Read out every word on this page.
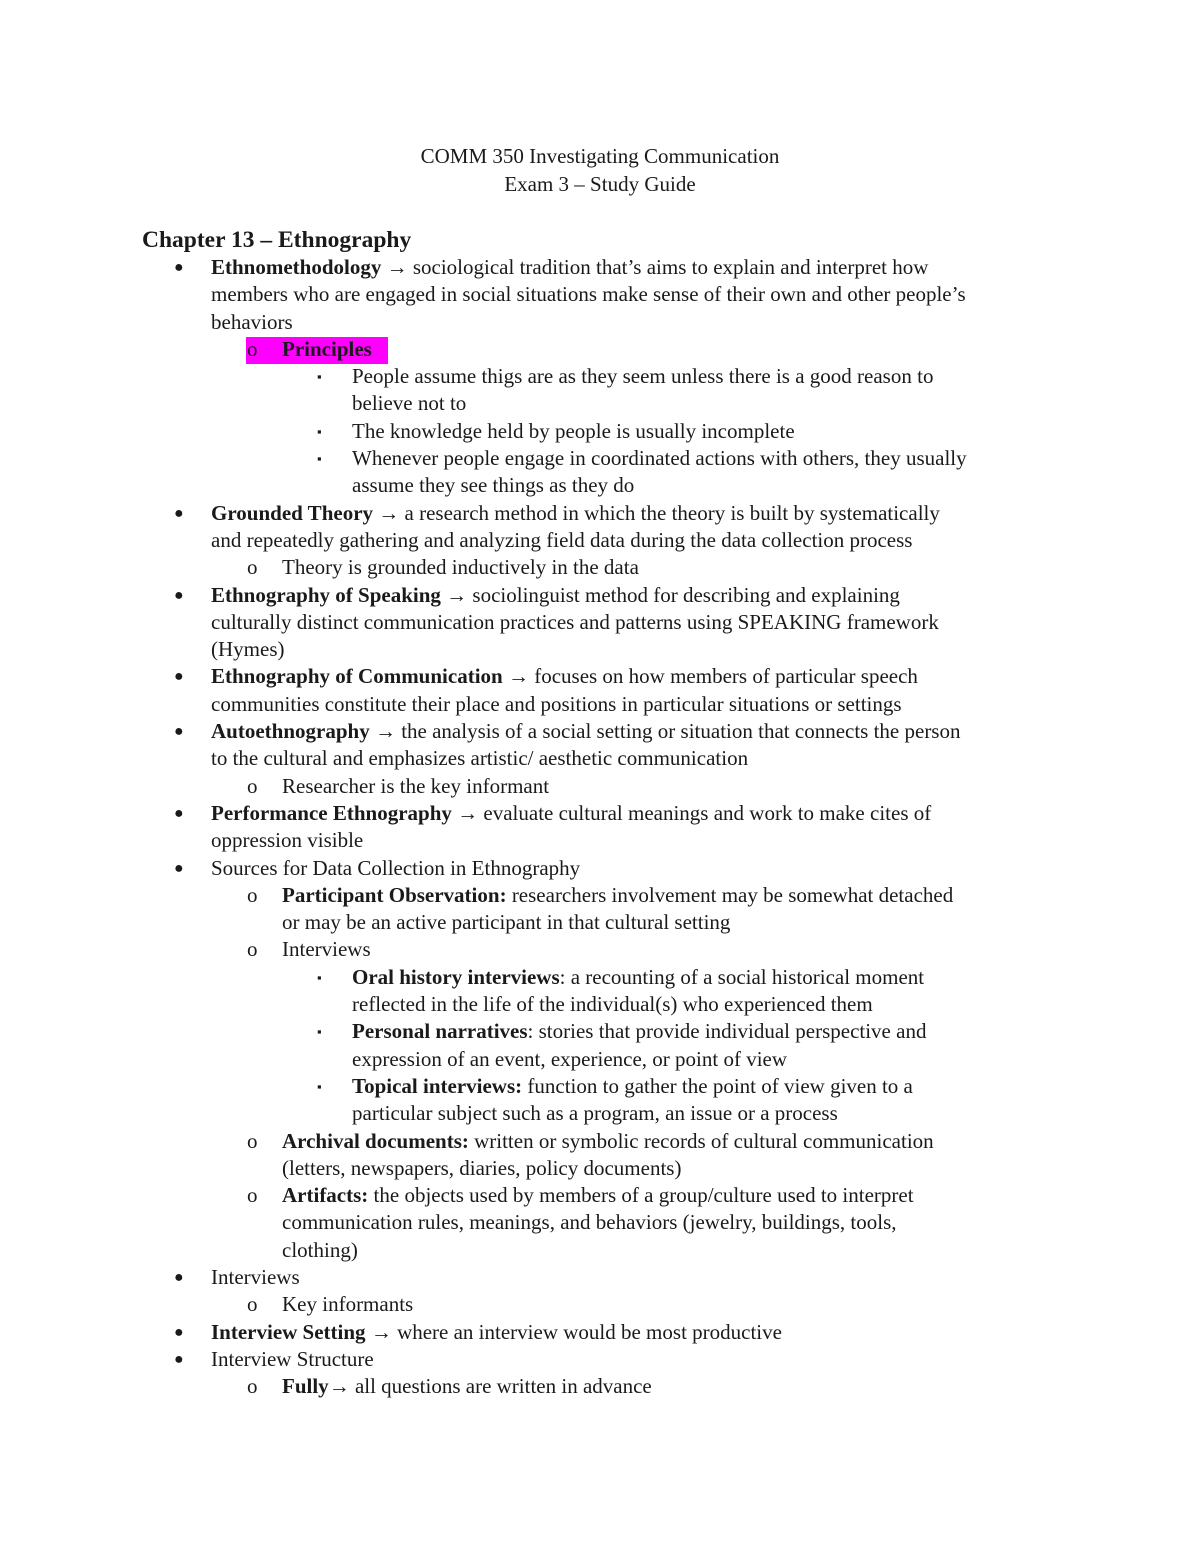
COMM 350 Investigating Communication
Exam 3 – Study Guide
Chapter 13 – Ethnography
● Ethnomethodology → sociological tradition that’s aims to explain and interpret how
members who are engaged in social situations make sense of their own and other people’s
behaviors
o Principles
▪ People assume thigs are as they seem unless there is a good reason to
believe not to
▪ The knowledge held by people is usually incomplete
▪ Whenever people engage in coordinated actions with others, they usually
assume they see things as they do
● Grounded Theory → a research method in which the theory is built by systematically
and repeatedly gathering and analyzing field data during the data collection process
o Theory is grounded inductively in the data
● Ethnography of Speaking → sociolinguist method for describing and explaining
culturally distinct communication practices and patterns using SPEAKING framework
(Hymes)
● Ethnography of Communication → focuses on how members of particular speech
communities constitute their place and positions in particular situations or settings
● Autoethnography → the analysis of a social setting or situation that connects the person
to the cultural and emphasizes artistic/ aesthetic communication
o Researcher is the key informant
● Performance Ethnography → evaluate cultural meanings and work to make cites of
oppression visible
● Sources for Data Collection in Ethnography
o Participant Observation: researchers involvement may be somewhat detached
or may be an active participant in that cultural setting
o Interviews
▪ Oral history interviews: a recounting of a social historical moment
reflected in the life of the individual(s) who experienced them
▪ Personal narratives: stories that provide individual perspective and
expression of an event, experience, or point of view
▪ Topical interviews: function to gather the point of view given to a
particular subject such as a program, an issue or a process
o Archival documents: written or symbolic records of cultural communication
(letters, newspapers, diaries, policy documents)
o Artifacts: the objects used by members of a group/culture used to interpret
communication rules, meanings, and behaviors (jewelry, buildings, tools,
clothing)
● Interviews
o Key informants
● Interview Setting → where an interview would be most productive
● Interview Structure
o Fully→ all questions are written in advance
